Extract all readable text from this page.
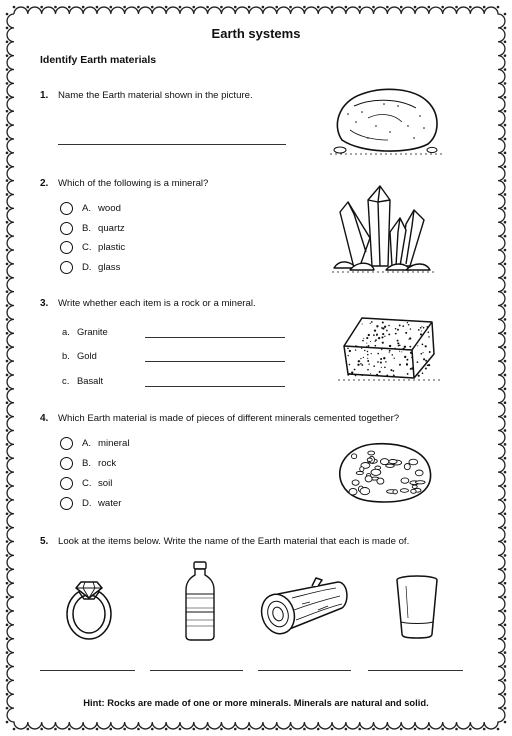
Earth systems
Identify Earth materials
1. Name the Earth material shown in the picture.
2. Which of the following is a mineral?
A. wood
B. quartz
C. plastic
D. glass
3. Write whether each item is a rock or a mineral.
a. Granite
b. Gold
c. Basalt
4. Which Earth material is made of pieces of different minerals cemented together?
A. mineral
B. rock
C. soil
D. water
5. Look at the items below. Write the name of the Earth material that each is made of.
Hint: Rocks are made of one or more minerals. Minerals are natural and solid.
